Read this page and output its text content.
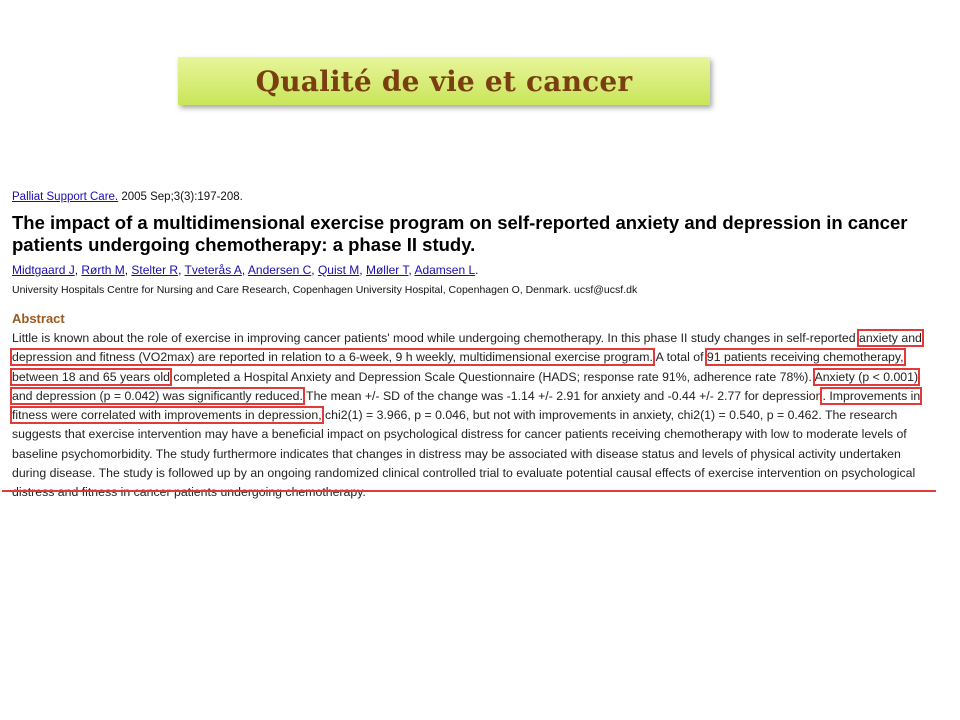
Qualité de vie et cancer
Palliat Support Care. 2005 Sep;3(3):197-208.
The impact of a multidimensional exercise program on self-reported anxiety and depression in cancer patients undergoing chemotherapy: a phase II study.
Midtgaard J, Rørth M, Stelter R, Tveterås A, Andersen C, Quist M, Møller T, Adamsen L.
University Hospitals Centre for Nursing and Care Research, Copenhagen University Hospital, Copenhagen O, Denmark. ucsf@ucsf.dk
Abstract
Little is known about the role of exercise in improving cancer patients' mood while undergoing chemotherapy. In this phase II study changes in self-reported anxiety and depression and fitness (VO2max) are reported in relation to a 6-week, 9 h weekly, multidimensional exercise program. A total of 91 patients receiving chemotherapy, between 18 and 65 years old completed a Hospital Anxiety and Depression Scale Questionnaire (HADS; response rate 91%, adherence rate 78%). Anxiety (p < 0.001) and depression (p = 0.042) was significantly reduced. The mean +/- SD of the change was -1.14 +/- 2.91 for anxiety and -0.44 +/- 2.77 for depression. Improvements in fitness were correlated with improvements in depression, chi2(1) = 3.966, p = 0.046, but not with improvements in anxiety, chi2(1) = 0.540, p = 0.462. The research suggests that exercise intervention may have a beneficial impact on psychological distress for cancer patients receiving chemotherapy with low to moderate levels of baseline psychomorbidity. The study furthermore indicates that changes in distress may be associated with disease status and levels of physical activity undertaken during disease. The study is followed up by an ongoing randomized clinical controlled trial to evaluate potential causal effects of exercise intervention on psychological distress and fitness in cancer patients undergoing chemotherapy.
